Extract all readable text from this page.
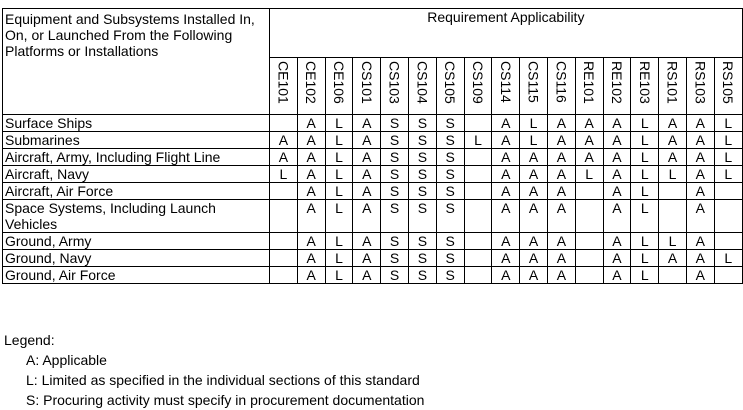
Equipment and Subsystems Installed In, On, or Launched From the Following Platforms or Installations	Requirement Applicability																
	CE101	CE102	CE106	CS101	CS103	CS104	CS105	CS109	CS114	CS115	CS116	RE101	RE102	RE103	RS101	RS103	RS105
Surface Ships		A	L	A	S	S	S		A	L	A	A	A	L	A	A	L
Submarines	A	A	L	A	S	S	S	L	A	L	A	A	A	L	A	A	L
Aircraft, Army, Including Flight Line	A	A	L	A	S	S	S		A	A	A	A	A	L	A	A	L
Aircraft, Navy	L	A	L	A	S	S	S		A	A	A	L	A	L	L	A	L
Aircraft, Air Force		A	L	A	S	S	S		A	A	A		A	L		A	
Space Systems, Including Launch Vehicles		A	L	A	S	S	S		A	A	A		A	L		A	
Ground, Army		A	L	A	S	S	S		A	A	A		A	L	L	A	
Ground, Navy		A	L	A	S	S	S		A	A	A		A	L	A	A	L
Ground, Air Force		A	L	A	S	S	S		A	A	A		A	L		A	
Legend:
A: Applicable
L: Limited as specified in the individual sections of this standard
S: Procuring activity must specify in procurement documentation
